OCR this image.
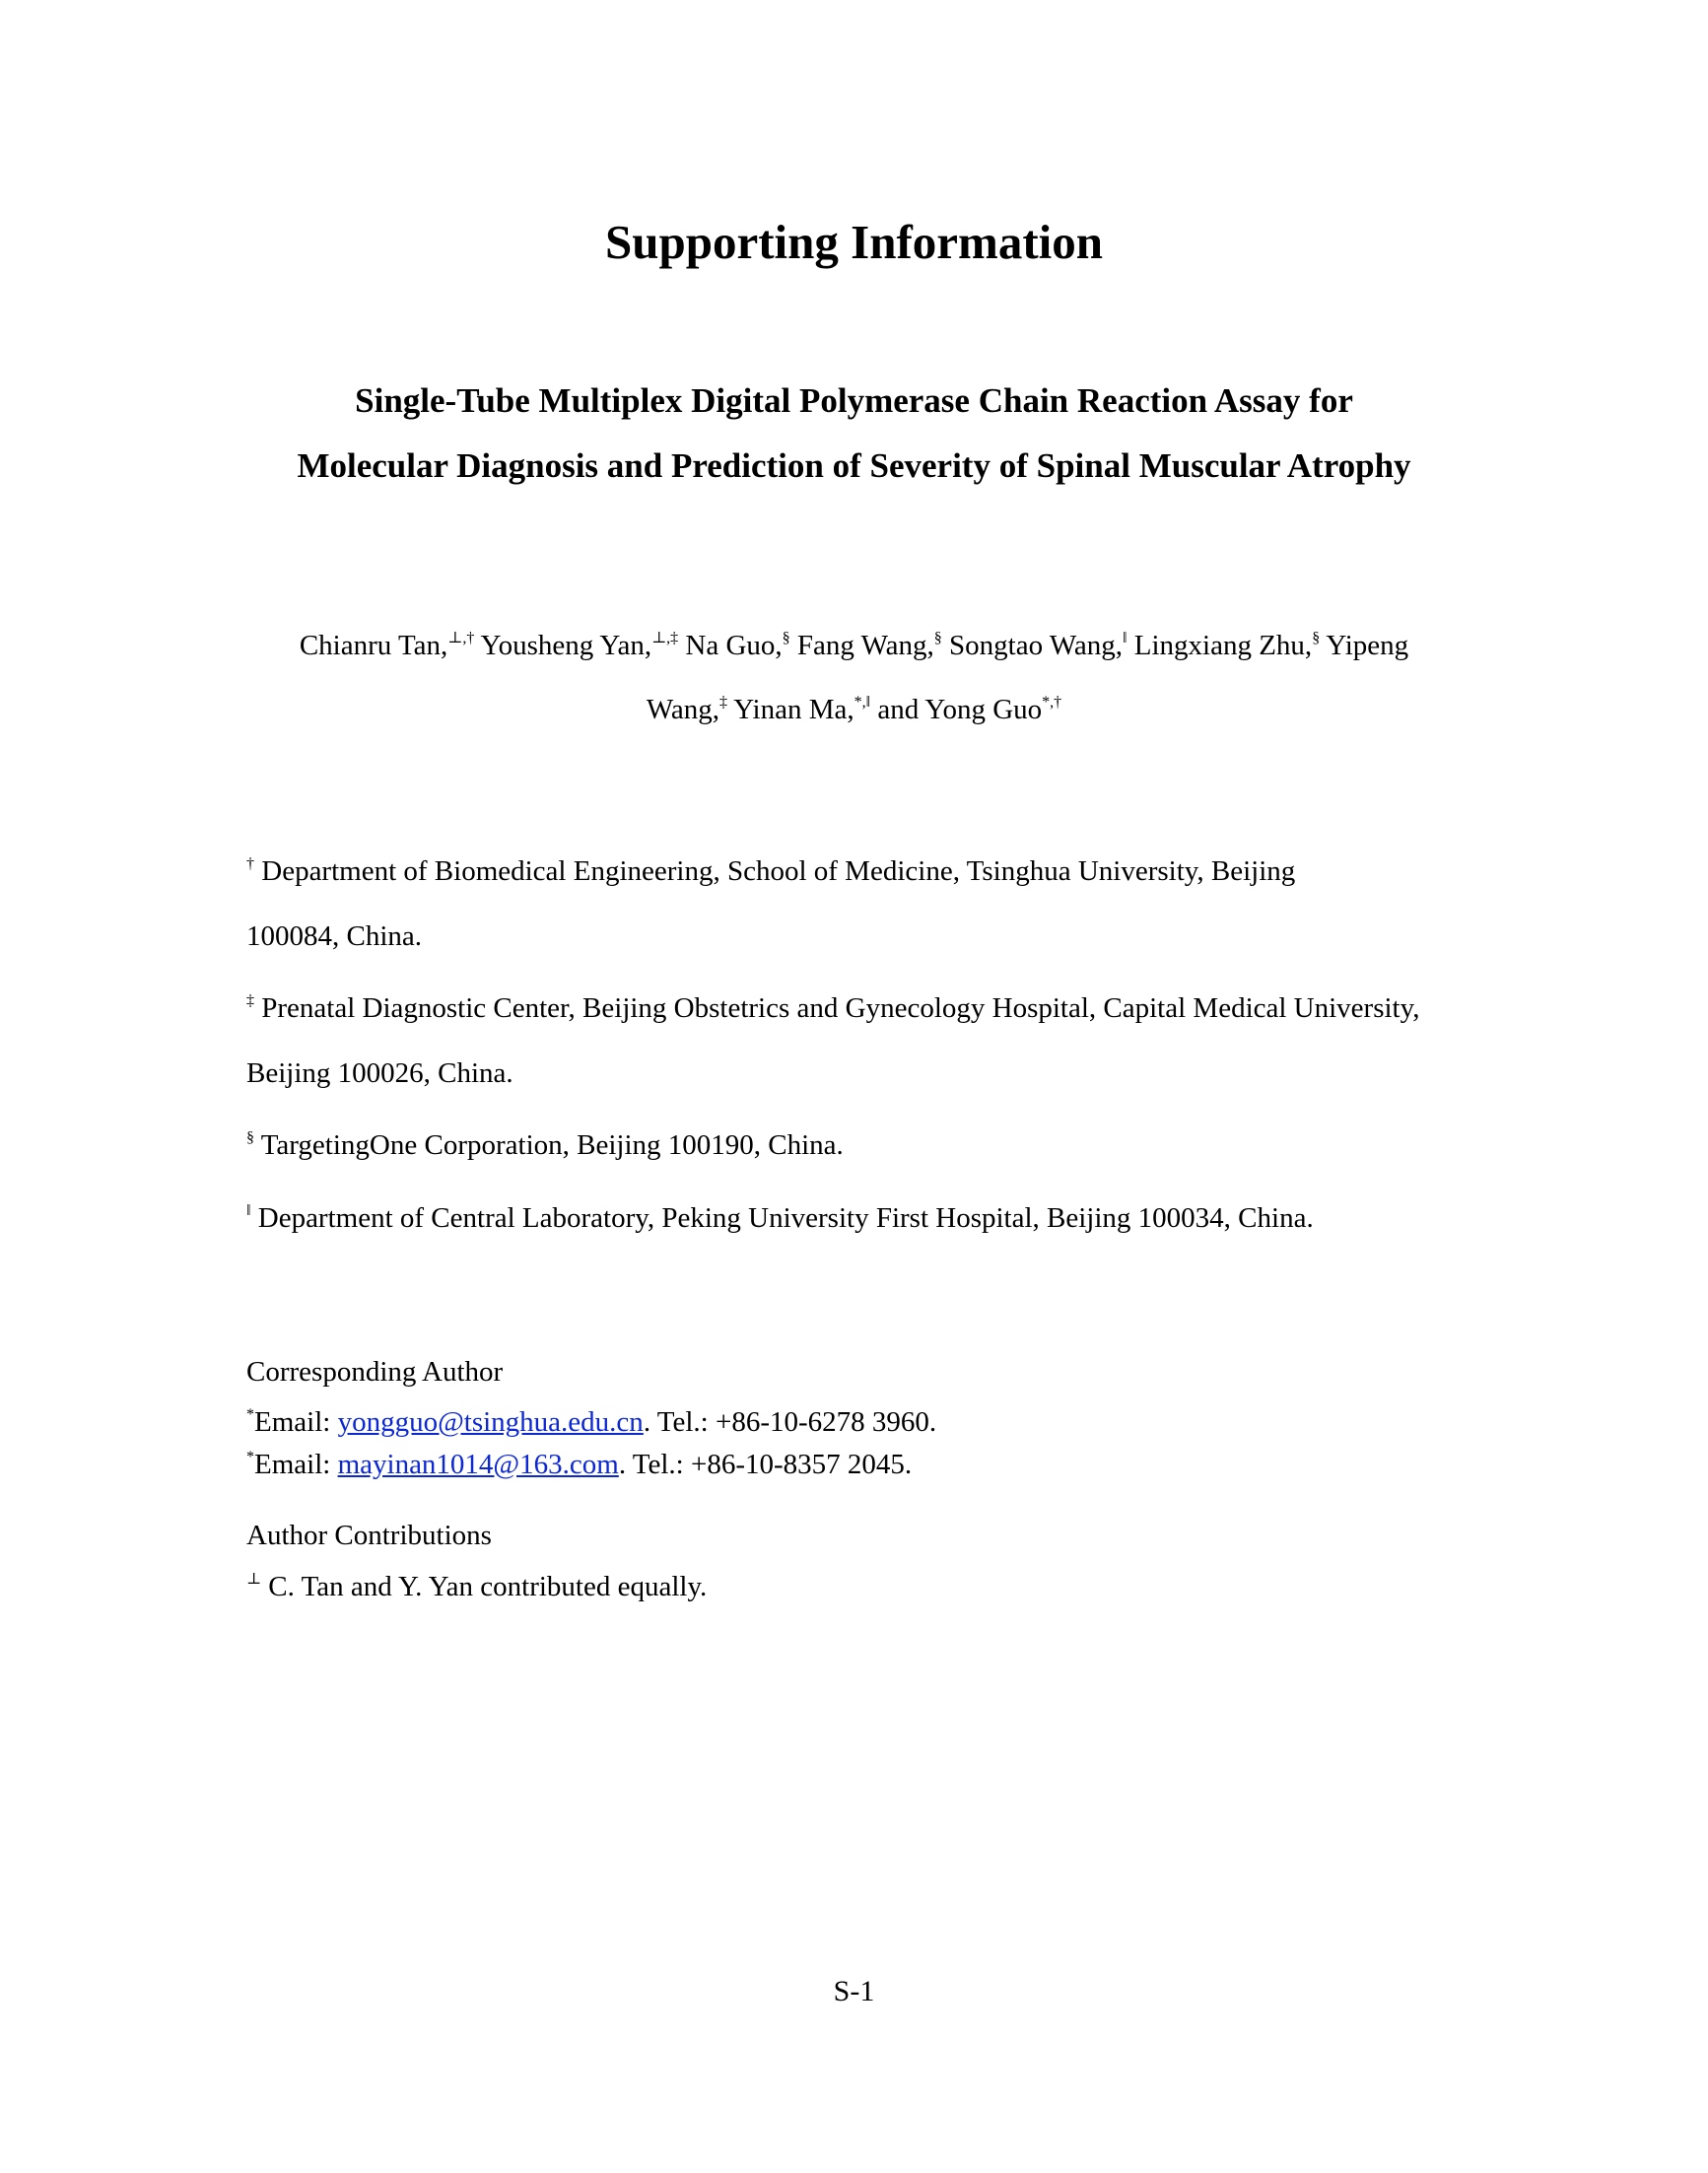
Supporting Information
Single-Tube Multiplex Digital Polymerase Chain Reaction Assay for
Molecular Diagnosis and Prediction of Severity of Spinal Muscular Atrophy
Chianru Tan,⊥,† Yousheng Yan,⊥,‡ Na Guo,§ Fang Wang,§ Songtao Wang,‖ Lingxiang Zhu,§ Yipeng
Wang,‡ Yinan Ma,*,‖ and Yong Guo*,†
† Department of Biomedical Engineering, School of Medicine, Tsinghua University, Beijing
100084, China.
‡ Prenatal Diagnostic Center, Beijing Obstetrics and Gynecology Hospital, Capital Medical University,
Beijing 100026, China.
§ TargetingOne Corporation, Beijing 100190, China.
‖ Department of Central Laboratory, Peking University First Hospital, Beijing 100034, China.
Corresponding Author
*Email: yongguo@tsinghua.edu.cn. Tel.: +86-10-6278 3960.
*Email: mayinan1014@163.com. Tel.: +86-10-8357 2045.
Author Contributions
⊥ C. Tan and Y. Yan contributed equally.
S-1
